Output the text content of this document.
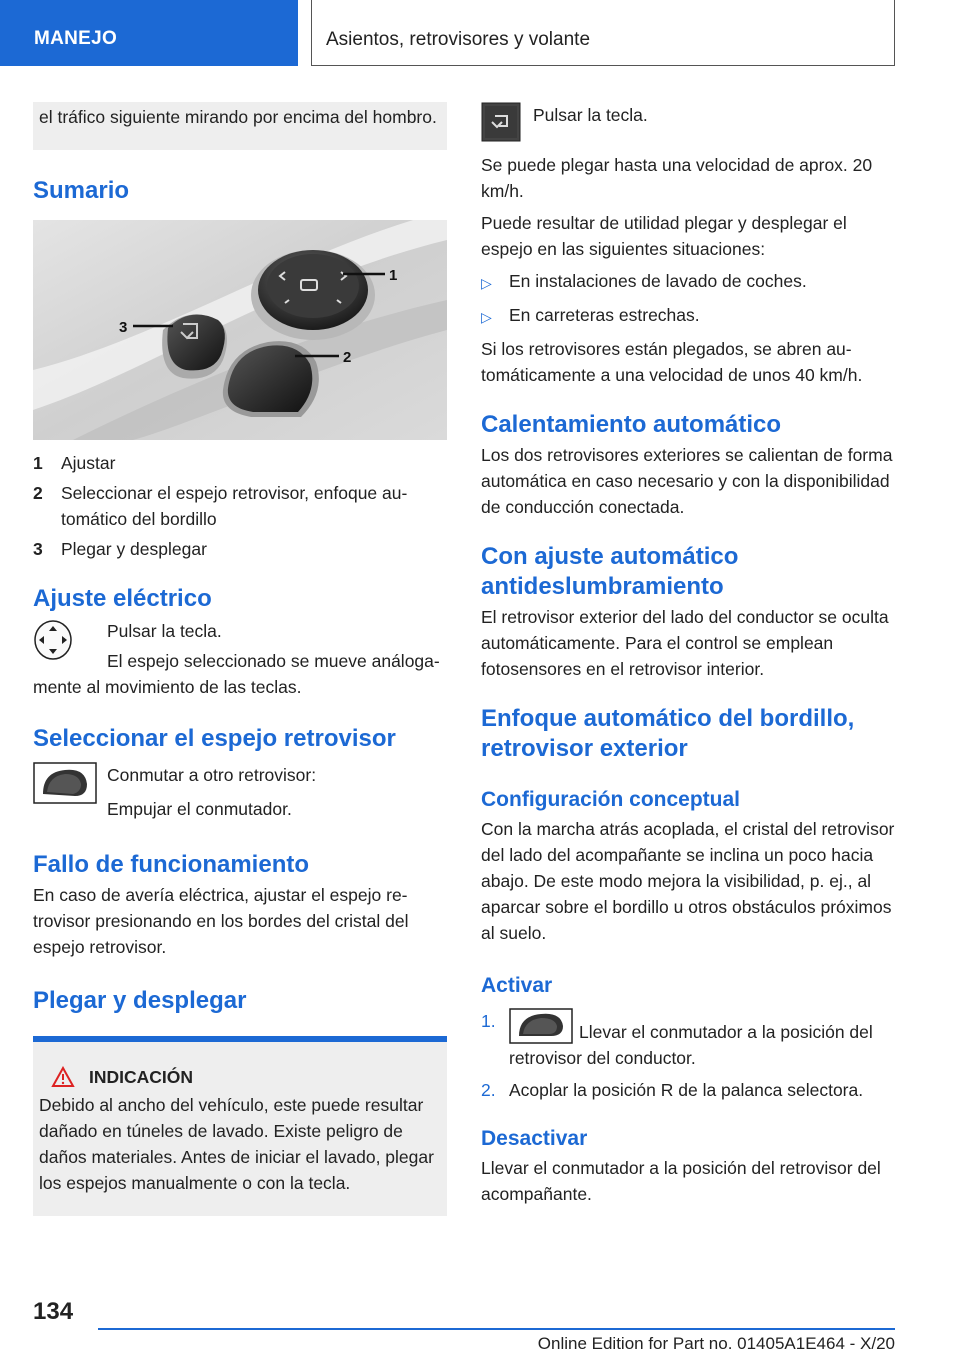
MANEJO	Asientos, retrovisores y volante

el tráfico siguiente mirando por encima del hombro.

Sumario
1
2
3
1	Ajustar
2	Seleccionar el espejo retrovisor, enfoque automático del bordillo
3	Plegar y desplegar
Ajuste eléctrico

Pulsar la tecla.

El espejo seleccionado se mueve análoga-

mente al movimiento de las teclas.

Seleccionar el espejo retrovisor

Conmutar a otro retrovisor:

Empujar el conmutador.

Fallo de funcionamiento

En caso de avería eléctrica, ajustar el espejo retrovisor presionando en los bordes del cristal del espejo retrovisor.

Plegar y desplegar
INDICACIÓN

Debido al ancho del vehículo, este puede resultar dañado en túneles de lavado. Existe peligro de daños materiales. Antes de iniciar el lavado, plegar los espejos manualmente o con la tecla.

Pulsar la tecla.

Se puede plegar hasta una velocidad de aprox. 20 km/h.

Puede resultar de utilidad plegar y desplegar el espejo en las siguientes situaciones:

▷ En instalaciones de lavado de coches.
▷ En carreteras estrechas.

Si los retrovisores están plegados, se abren automáticamente a una velocidad de unos 40 km/h.

Calentamiento automático

Los dos retrovisores exteriores se calientan de forma automática en caso necesario y con la disponibilidad de conducción conectada.

Con ajuste automático antideslumbramiento

El retrovisor exterior del lado del conductor se oculta automáticamente. Para el control se emplean fotosensores en el retrovisor interior.

Enfoque automático del bordillo, retrovisor exterior
Configuración conceptual

Con la marcha atrás acoplada, el cristal del retrovisor del lado del acompañante se inclina un poco hacia abajo. De este modo mejora la visibilidad, p. ej., al aparcar sobre el bordillo u otros obstáculos próximos al suelo.

Activar
1.
Llevar el conmutador a la posición del retrovisor del conductor.
2. Acoplar la posición R de la palanca selectora.
Desactivar

Llevar el conmutador a la posición del retrovisor del acompañante.

134
Online Edition for Part no. 01405A1E464 - X/20
